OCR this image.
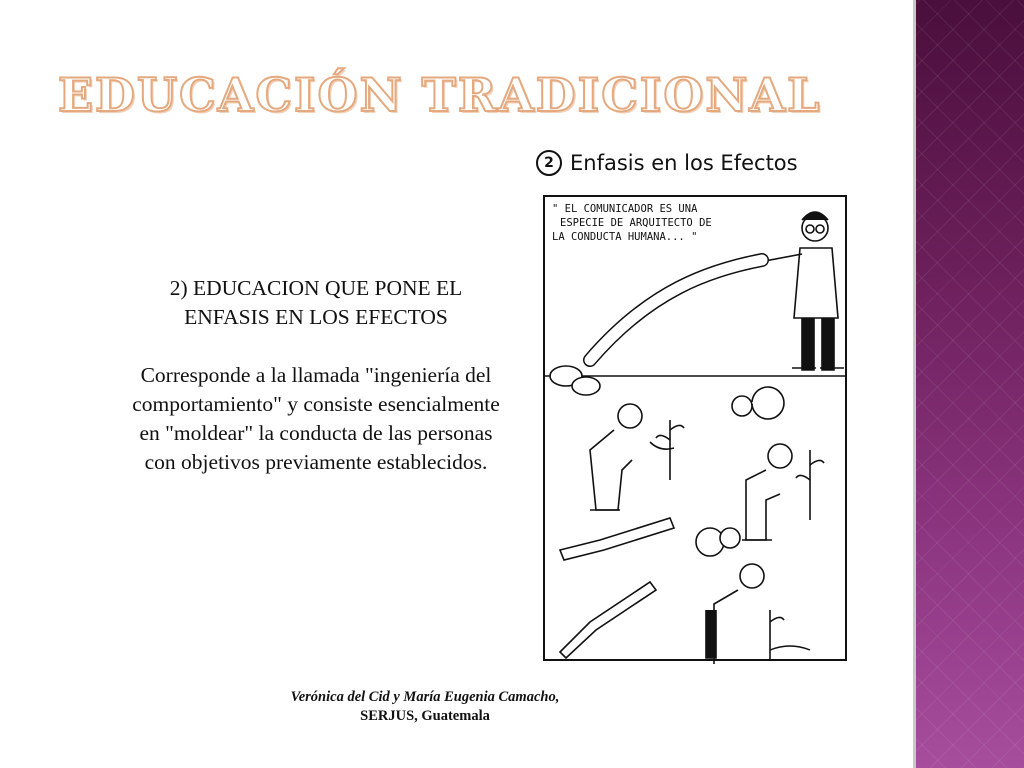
EDUCACIÓN TRADICIONAL

2) EDUCACION QUE PONE EL

ENFASIS EN LOS EFECTOS

Corresponde a la llamada "ingeniería del

comportamiento" y consiste esencialmente

en "moldear" la conducta de las personas

con objetivos previamente establecidos.

2 Enfasis en los Efectos
" EL COMUNICADOR ES UNA
ESPECIE DE ARQUITECTO DE
LA CONDUCTA HUMANA... "
Verónica del Cid y María Eugenia Camacho,
SERJUS, Guatemala
